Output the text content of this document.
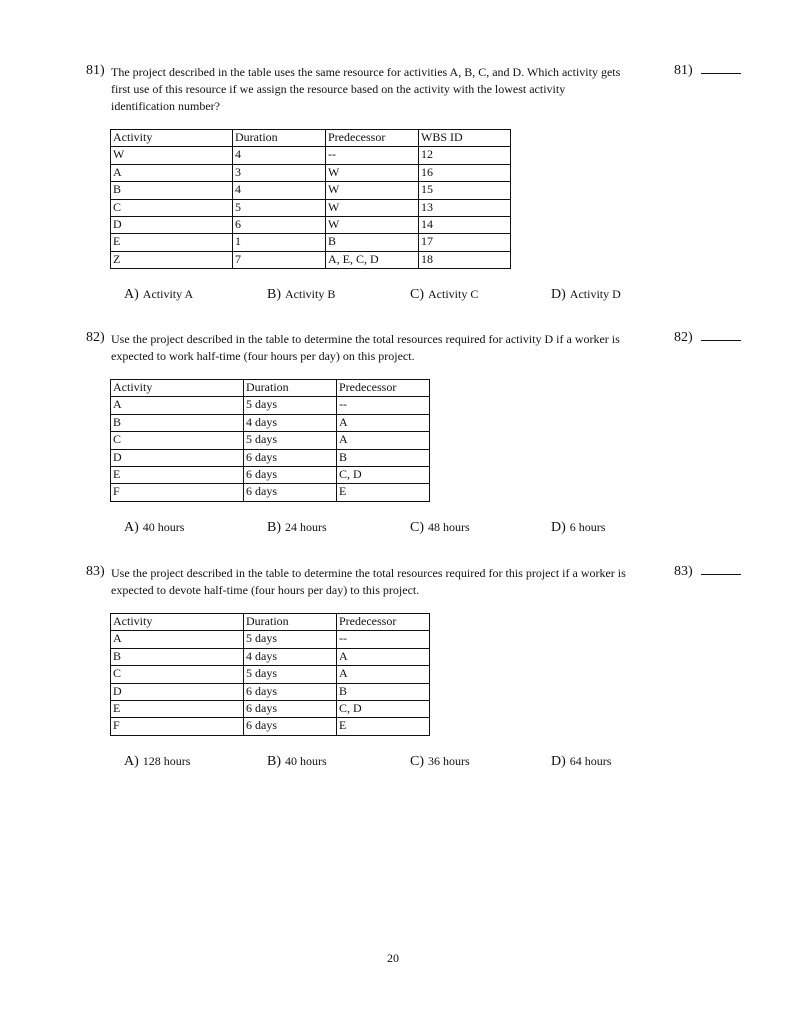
81) The project described in the table uses the same resource for activities A, B, C, and D. Which activity gets first use of this resource if we assign the resource based on the activity with the lowest activity identification number?
81)
Activity	Duration	Predecessor	WBS ID
W	4	--	12
A	3	W	16
B	4	W	15
C	5	W	13
D	6	W	14
E	1	B	17
Z	7	A, E, C, D	18
A) Activity A	B) Activity B	C) Activity C	D) Activity D
82) Use the project described in the table to determine the total resources required for activity D if a worker is expected to work half-time (four hours per day) on this project.
82)
Activity	Duration	Predecessor
A	5 days	--
B	4 days	A
C	5 days	A
D	6 days	B
E	6 days	C, D
F	6 days	E
A) 40 hours	B) 24 hours	C) 48 hours	D) 6 hours
83) Use the project described in the table to determine the total resources required for this project if a worker is expected to devote half-time (four hours per day) to this project.
83)
Activity	Duration	Predecessor
A	5 days	--
B	4 days	A
C	5 days	A
D	6 days	B
E	6 days	C, D
F	6 days	E
A) 128 hours	B) 40 hours	C) 36 hours	D) 64 hours
20
